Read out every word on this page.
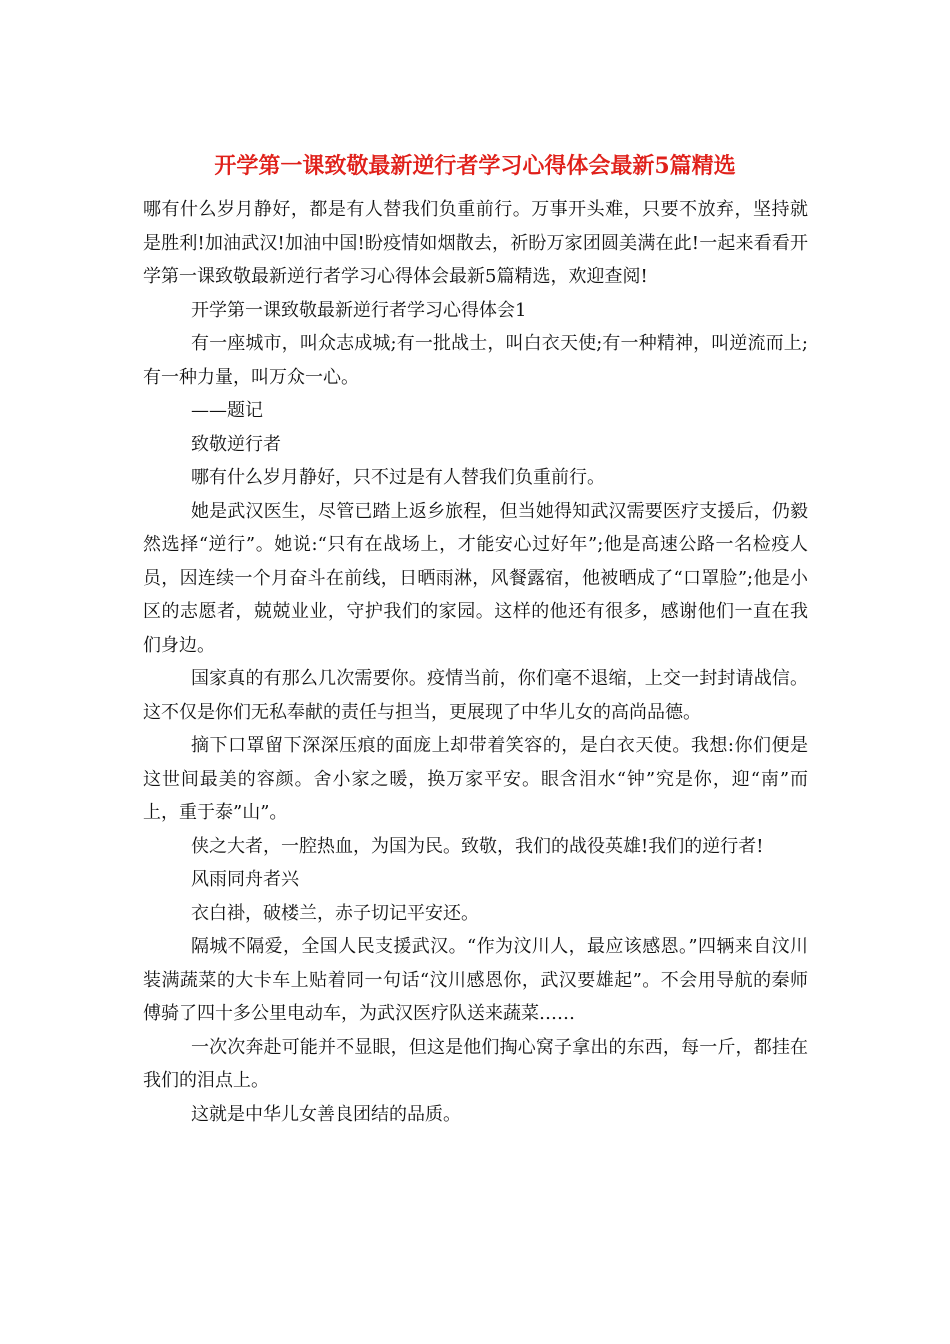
开学第一课致敬最新逆行者学习心得体会最新5篇精选

哪有什么岁月静好，都是有人替我们负重前行。万事开头难，只要不放弃，坚持就是胜利!加油武汉!加油中国!盼疫情如烟散去，祈盼万家团圆美满在此!一起来看看开学第一课致敬最新逆行者学习心得体会最新5篇精选，欢迎查阅!

开学第一课致敬最新逆行者学习心得体会1

有一座城市，叫众志成城;有一批战士，叫白衣天使;有一种精神，叫逆流而上;有一种力量，叫万众一心。

——题记

致敬逆行者

哪有什么岁月静好，只不过是有人替我们负重前行。

她是武汉医生，尽管已踏上返乡旅程，但当她得知武汉需要医疗支援后，仍毅然选择“逆行”。她说:“只有在战场上，才能安心过好年”;他是高速公路一名检疫人员，因连续一个月奋斗在前线，日晒雨淋，风餐露宿，他被晒成了“口罩脸”;他是小区的志愿者，兢兢业业，守护我们的家园。这样的他还有很多，感谢他们一直在我们身边。

国家真的有那么几次需要你。疫情当前，你们毫不退缩，上交一封封请战信。这不仅是你们无私奉献的责任与担当，更展现了中华儿女的高尚品德。

摘下口罩留下深深压痕的面庞上却带着笑容的，是白衣天使。我想:你们便是这世间最美的容颜。舍小家之暖，换万家平安。眼含泪水“钟”究是你，迎“南”而上，重于泰”山”。

侠之大者，一腔热血，为国为民。致敬，我们的战役英雄!我们的逆行者!

风雨同舟者兴

衣白褂，破楼兰，赤子切记平安还。

隔城不隔爱，全国人民支援武汉。“作为汶川人，最应该感恩。”四辆来自汶川装满蔬菜的大卡车上贴着同一句话“汶川感恩你，武汉要雄起”。不会用导航的秦师傅骑了四十多公里电动车，为武汉医疗队送来蔬菜……

一次次奔赴可能并不显眼，但这是他们掏心窝子拿出的东西，每一斤，都挂在我们的泪点上。

这就是中华儿女善良团结的品质。
